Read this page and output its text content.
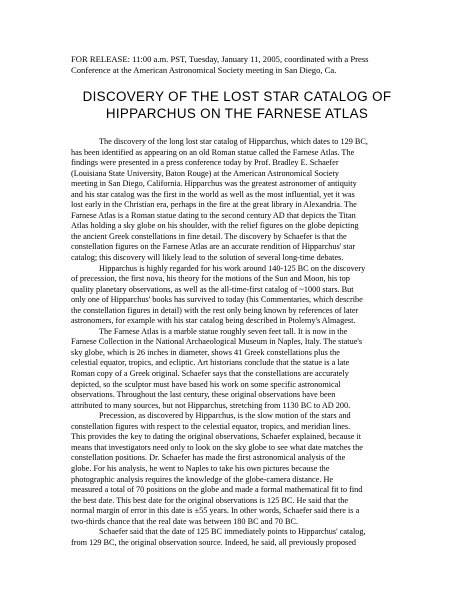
FOR RELEASE: 11:00 a.m. PST, Tuesday, January 11, 2005, coordinated with a Press
Conference at the American Astronomical Society meeting in San Diego, Ca.
DISCOVERY OF THE LOST STAR CATALOG OF
HIPPARCHUS ON THE FARNESE ATLAS

The discovery of the long lost star catalog of Hipparchus, which dates to 129 BC,
has been identified as appearing on an old Roman statue called the Farnese Atlas. The
findings were presented in a press conference today by Prof. Bradley E. Schaefer
(Louisiana State University, Baton Rouge) at the American Astronomical Society
meeting in San Diego, California. Hipparchus was the greatest astronomer of antiquity
and his star catalog was the first in the world as well as the most influential, yet it was
lost early in the Christian era, perhaps in the fire at the great library in Alexandria. The
Farnese Atlas is a Roman statue dating to the second century AD that depicts the Titan
Atlas holding a sky globe on his shoulder, with the relief figures on the globe depicting
the ancient Greek constellations in fine detail. The discovery by Schaefer is that the
constellation figures on the Farnese Atlas are an accurate rendition of Hipparchus' star
catalog; this discovery will likely lead to the solution of several long-time debates.

Hipparchus is highly regarded for his work around 140-125 BC on the discovery
of precession, the first nova, his theory for the motions of the Sun and Moon, his top
quality planetary observations, as well as the all-time-first catalog of ~1000 stars. But
only one of Hipparchus' books has survived to today (his Commentaries, which describe
the constellation figures in detail) with the rest only being known by references of later
astronomers, for example with his star catalog being described in Ptolemy's Almagest.

The Farnese Atlas is a marble statue roughly seven feet tall. It is now in the
Farnese Collection in the National Archaeological Museum in Naples, Italy. The statue's
sky globe, which is 26 inches in diameter, shows 41 Greek constellations plus the
celestial equator, tropics, and ecliptic. Art historians conclude that the statue is a late
Roman copy of a Greek original. Schaefer says that the constellations are accurately
depicted, so the sculptor must have based his work on some specific astronomical
observations. Throughout the last century, these original observations have been
attributed to many sources, but not Hipparchus, stretching from 1130 BC to AD 200.

Precession, as discovered by Hipparchus, is the slow motion of the stars and
constellation figures with respect to the celestial equator, tropics, and meridian lines.
This provides the key to dating the original observations, Schaefer explained, because it
means that investigators need only to look on the sky globe to see what date matches the
constellation positions. Dr. Schaefer has made the first astronomical analysis of the
globe. For his analysis, he went to Naples to take his own pictures because the
photographic analysis requires the knowledge of the globe-camera distance. He
measured a total of 70 positions on the globe and made a formal mathematical fit to find
the best date. This best date for the original observations is 125 BC. He said that the
normal margin of error in this date is ±55 years. In other words, Schaefer said there is a
two-thirds chance that the real date was between 180 BC and 70 BC.

Schaefer said that the date of 125 BC immediately points to Hipparchus' catalog,
from 129 BC, the original observation source. Indeed, he said, all previously proposed
